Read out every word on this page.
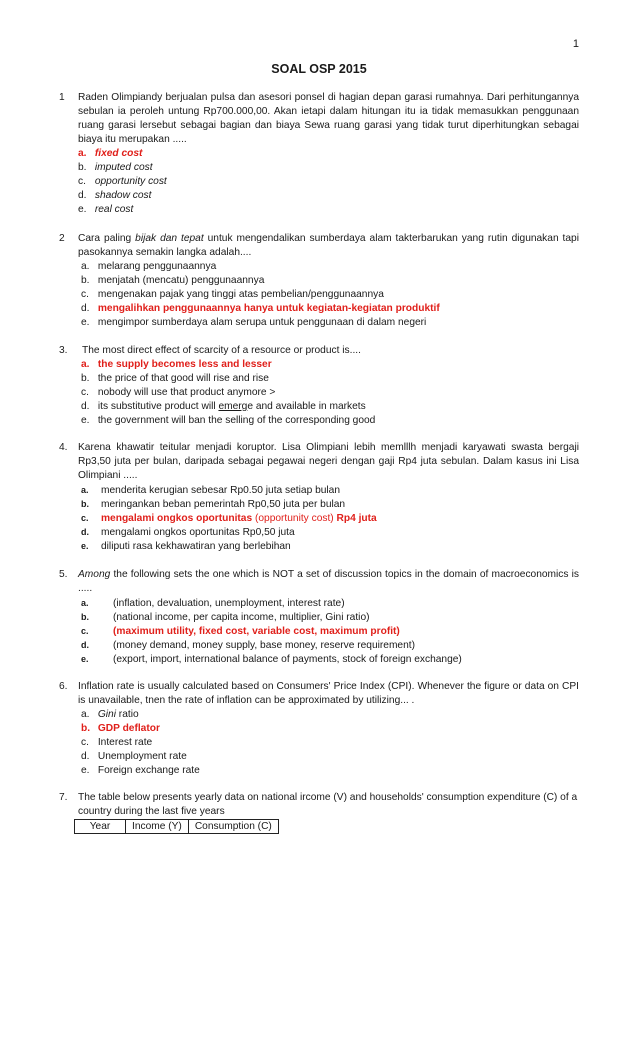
1
SOAL OSP 2015
1 Raden Olimpiandy berjualan pulsa dan asesori ponsel di hagian depan garasi rumahnya. Dari perhitungannya sebulan ia peroleh untung Rp700.000,00. Akan ietapi dalam hitungan itu ia tidak memasukkan penggunaan ruang garasi lersebut sebagai bagian dan biaya Sewa ruang garasi yang tidak turut diperhitungkan sebagai biaya itu merupakan .....
a. fixed cost
b. imputed cost
c. opportunity cost
d. shadow cost
e. real cost
2 Cara paling bijak dan tepat untuk mengendalikan sumberdaya alam takterbarukan yang rutin digunakan tapi pasokannya semakin langka adalah....
a. melarang penggunaannya
b. menjatah (mencatu) penggunaannya
c. mengenakan pajak yang tinggi atas pembelian/penggunaannya
d. mengalihkan penggunaannya hanya untuk kegiatan-kegiatan produktif
e. mengimpor sumberdaya alam serupa untuk penggunaan di dalam negeri
3. The most direct effect of scarcity of a resource or product is....
a. the supply becomes less and lesser
b. the price of that good will rise and rise
c. nobody will use that product anymore >
d. its substitutive product will emerge and available in markets
e. the government will ban the selling of the corresponding good
4. Karena khawatir teitular menjadi koruptor. Lisa Olimpiani lebih memlllh menjadi karyawati swasta bergaji Rp3,50 juta per bulan, daripada sebagai pegawai negeri dengan gaji Rp4 juta sebulan. Dalam kasus ini Lisa Olimpiani .....
a. menderita kerugian sebesar Rp0.50 juta setiap bulan
b. meringankan beban pemerintah Rp0,50 juta per bulan
c. mengalami ongkos oportunitas (opportunity cost) Rp4 juta
d. mengalami ongkos oportunitas Rp0,50 juta
e. diliputi rasa kekhawatiran yang berlebihan
5. Among the following sets the one which is NOT a set of discussion topics in the domain of macroeconomics is .....
a. (inflation, devaluation, unemployment, interest rate)
b. (national income, per capita income, multiplier, Gini ratio)
c. (maximum utility, fixed cost, variable cost, maximum profit)
d. (money demand, money supply, base money, reserve requirement)
e. (export, import, international balance of payments, stock of foreign exchange)
6. Inflation rate is usually calculated based on Consumers' Price Index (CPI). Whenever the figure or data on CPI is unavailable, tnen the rate of inflation can be approximated by utilizing... .
a. Gini ratio
b. GDP deflator
c. Interest rate
d. Unemployment rate
e. Foreign exchange rate
7. The table below presents yearly data on national ircome (V) and households' consumption expenditure (C) of a country during the last five years
Year	Income (Y)	Consumption (C)
